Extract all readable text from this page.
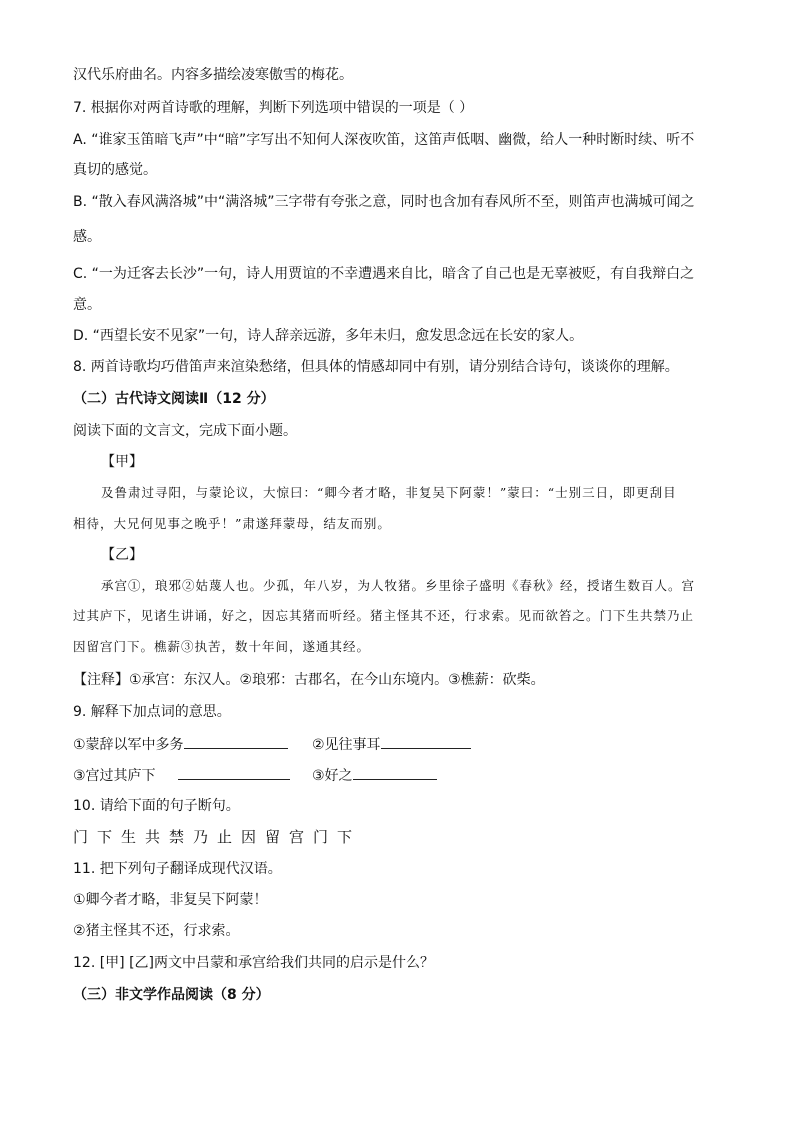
汉代乐府曲名。内容多描绘凌寒傲雪的梅花。
7. 根据你对两首诗歌的理解，判断下列选项中错误的一项是（ ）
A. “谁家玉笛暗飞声”中“暗”字写出不知何人深夜吹笛，这笛声低咽、幽微，给人一种时断时续、听不
真切的感觉。
B. “散入春风满洛城”中“满洛城”三字带有夸张之意，同时也含加有春风所不至，则笛声也满城可闻之
感。
C. “一为迁客去长沙”一句，诗人用贾谊的不幸遭遇来自比，暗含了自己也是无辜被贬，有自我辩白之
意。
D. “西望长安不见家”一句，诗人辞亲远游，多年未归，愈发思念远在长安的家人。
8. 两首诗歌均巧借笛声来渲染愁绪，但具体的情感却同中有别，请分别结合诗句，谈谈你的理解。
（二）古代诗文阅读Ⅱ（12 分）
阅读下面的文言文，完成下面小题。
【甲】
及鲁肃过寻阳，与蒙论议，大惊曰：“卿今者才略，非复吴下阿蒙！”蒙曰：“士别三日，即更刮目
相待，大兄何见事之晚乎！”肃遂拜蒙母，结友而别。
【乙】
承宫①，琅邪②姑蔑人也。少孤，年八岁，为人牧猪。乡里徐子盛明《春秋》经，授诸生数百人。宫
过其庐下，见诸生讲诵，好之，因忘其猪而听经。猪主怪其不还，行求索。见而欲笞之。门下生共禁乃止
因留宫门下。樵薪③执苦，数十年间，遂通其经。
【注释】①承宫：东汉人。②琅邪：古郡名，在今山东境内。③樵薪：砍柴。
9. 解释下加点词的意思。
①蒙辞以军中多务	②见往事耳
③宫过其庐下	③好之
10. 请给下面的句子断句。
门下生共禁乃止因留宫门下
11. 把下列句子翻译成现代汉语。
①卿今者才略，非复吴下阿蒙！
②猪主怪其不还，行求索。
12. [甲] [乙]两文中吕蒙和承宫给我们共同的启示是什么？
（三）非文学作品阅读（8 分）
